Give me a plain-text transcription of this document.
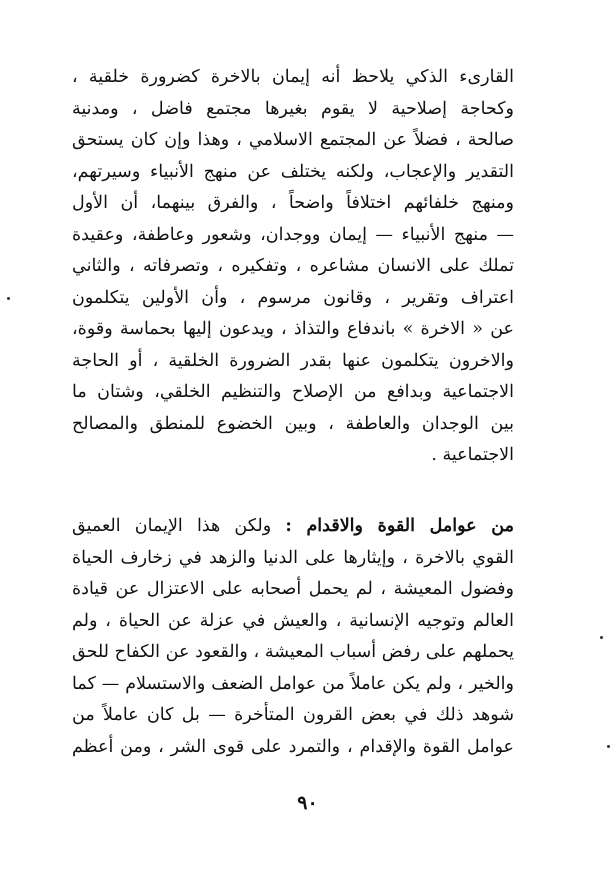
القارىء الذكي يلاحظ أنه إيمان بالاخرة كضرورة خلقية ،
وكحاجة إصلاحية لا يقوم بغيرها مجتمع فاضل ، ومدنية
صالحة ، فضلاً عن المجتمع الاسلامي ، وهذا وإن كان يستحق
التقدير والإعجاب، ولكنه يختلف عن منهج الأنبياء وسيرتهم،
ومنهج خلفائهم اختلافاً واضحاً ، والفرق بينهما، أن الأول
— منهج الأنبياء — إيمان ووجدان، وشعور وعاطفة، وعقيدة
تملك على الانسان مشاعره ، وتفكيره ، وتصرفاته ، والثاني
اعتراف وتقرير ، وقانون مرسوم ، وأن الأولين يتكلمون
عن « الاخرة » باندفاع والتذاذ ، ويدعون إليها بحماسة وقوة،
والاخرون يتكلمون عنها بقدر الضرورة الخلقية ، أو الحاجة
الاجتماعية وبدافع من الإصلاح والتنظيم الخلقي، وشتان ما
بين الوجدان والعاطفة ، وبين الخضوع للمنطق والمصالح
الاجتماعية .
من عوامل القوة والاقدام : ولكن هذا الإيمان العميق
القوي بالاخرة ، وإيثارها على الدنيا والزهد في زخارف الحياة
وفضول المعيشة ، لم يحمل أصحابه على الاعتزال عن قيادة
العالم وتوجيه الإنسانية ، والعيش في عزلة عن الحياة ، ولم
يحملهم على رفض أسباب المعيشة ، والقعود عن الكفاح للحق
والخير ، ولم يكن عاملاً من عوامل الضعف والاستسلام — كما
شوهد ذلك في بعض القرون المتأخرة — بل كان عاملاً من
عوامل القوة والإقدام ، والتمرد على قوى الشر ، ومن أعظم
٩٠
